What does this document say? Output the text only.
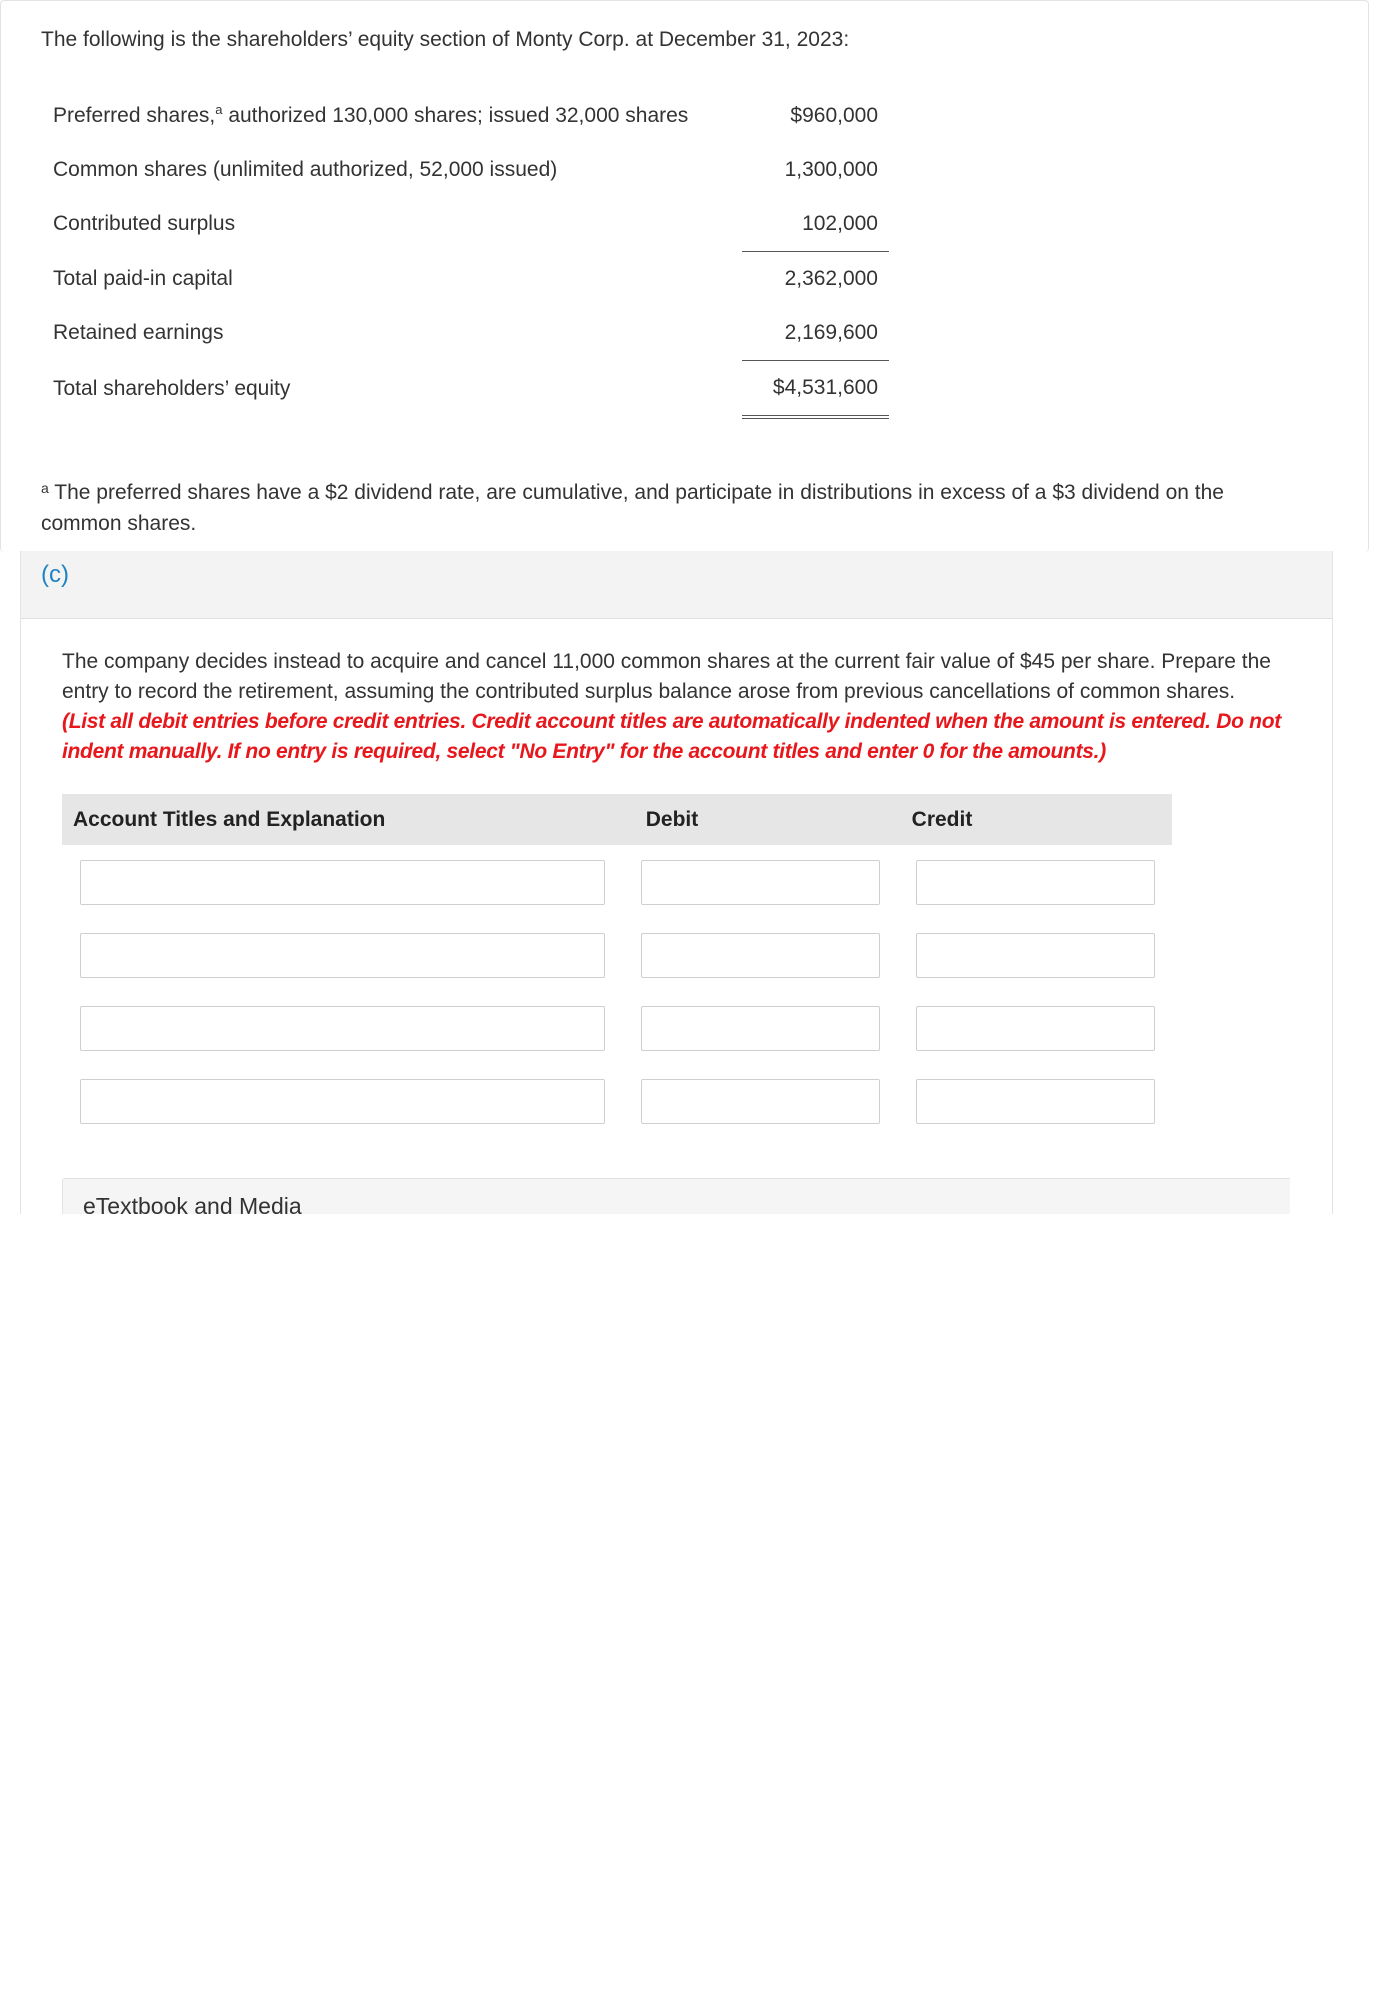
The following is the shareholders’ equity section of Monty Corp. at December 31, 2023:

Preferred shares,$^a$ authorized 130,000 shares; issued 32,000 shares	$960,000
Common shares (unlimited authorized, 52,000 issued)	1,300,000
Contributed surplus	102,000
Total paid-in capital	2,362,000
Retained earnings	2,169,600
Total shareholders’ equity	$4,531,600

$^a$ The preferred shares have a $2 dividend rate, are cumulative, and participate in distributions in excess of a $3 dividend on the common shares.

(c)

The company decides instead to acquire and cancel 11,000 common shares at the current fair value of $45 per share. Prepare the entry to record the retirement, assuming the contributed surplus balance arose from previous cancellations of common shares.
(List all debit entries before credit entries. Credit account titles are automatically indented when the amount is entered. Do not indent manually. If no entry is required, select "No Entry" for the account titles and enter 0 for the amounts.)

Account Titles and Explanation	Debit	Credit
eTextbook and Media
